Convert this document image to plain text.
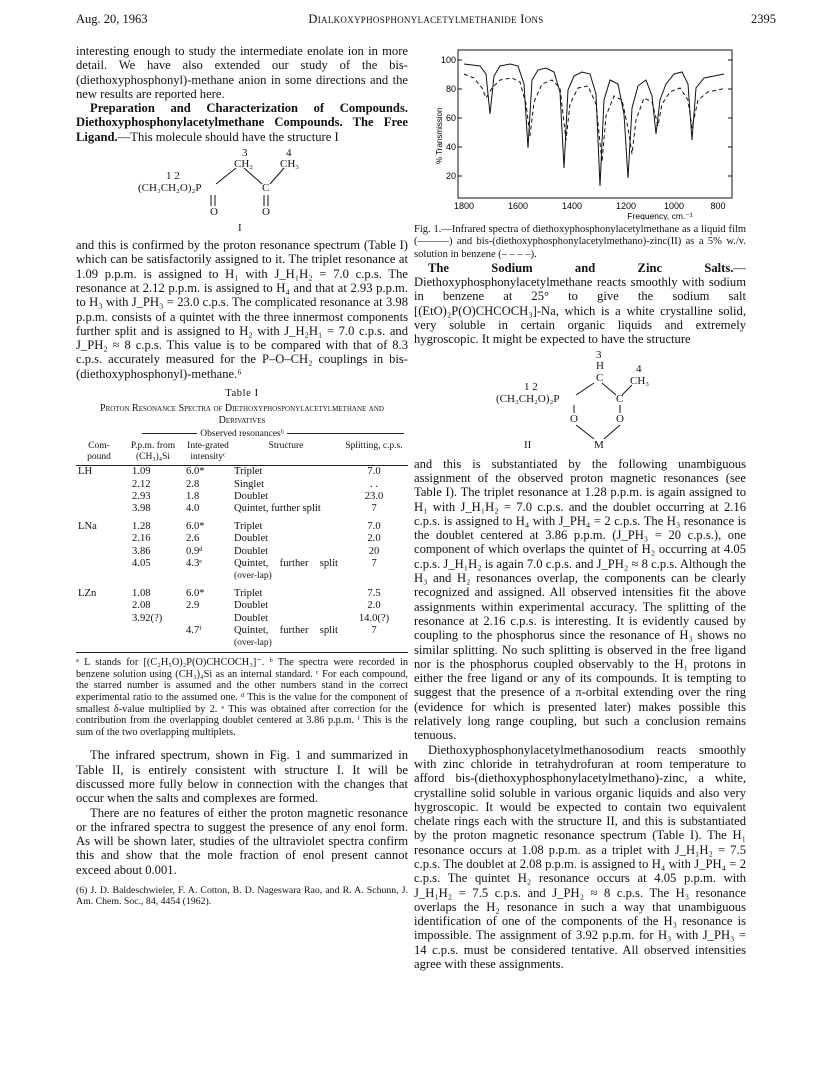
Aug. 20, 1963	Dialkoxyphosphonylacetylmethanide Ions	2395

interesting enough to study the intermediate enolate ion in more detail. We have also extended our study of the bis-(diethoxyphosphonyl)-methane anion in some directions and the new results are reported here.

Preparation and Characterization of Compounds. Diethoxyphosphonylacetylmethane Compounds. The Free Ligand.—This molecule should have the structure I

3	4
CH₂ CH₃
1 2
(CH₃CH₂O)₂P	C
O	O
I

and this is confirmed by the proton resonance spectrum (Table I) which can be satisfactorily assigned to it. The triplet resonance at 1.09 p.p.m. is assigned to H₁ with J_H₁H₂ = 7.0 c.p.s. The resonance at 2.12 p.p.m. is assigned to H₄ and that at 2.93 p.p.m. to H₃ with J_PH₃ = 23.0 c.p.s. The complicated resonance at 3.98 p.p.m. consists of a quintet with the three innermost components further split and is assigned to H₂ with J_H₂H₁ = 7.0 c.p.s. and J_PH₂ ≈ 8 c.p.s. This value is to be compared with that of 8.3 c.p.s. accurately measured for the P–O–CH₂ couplings in bis-(diethoxyphosphonyl)-methane.⁶

Table I
Proton Resonance Spectra of Diethoxyphosponylacetylmethane and Derivatives
Observed resonancesᵇ
Com-pound	P.p.m. from (CH₃)₄Si	Inte-grated intensityᶜ	Structure	Splitting, c.p.s.
LH	1.09	6.0*	Triplet	7.0
	2.12	2.8	Singlet	. .
	2.93	1.8	Doublet	23.0
	3.98	4.0	Quintet, further split	7

LNa	1.28	6.0*	Triplet	7.0
	2.16	2.6	Doublet	2.0
	3.86	0.9ᵈ	Doublet	20
	4.05	4.3ᵉ	Quintet, further split (over-lap)	7

LZn	1.08	6.0*	Triplet	7.5
	2.08	2.9	Doublet	2.0
	3.92(?)		Doublet	14.0(?)
		4.7ᶠ	Quintet, further split (over-lap)	7
ᵃ L stands for [(C₂H₅O)₂P(O)CHCOCH₃]⁻. ᵇ The spectra were recorded in benzene solution using (CH₃)₄Si as an internal standard. ᶜ For each compound, the starred number is assumed and the other numbers stand in the correct experimental ratio to the assumed one. ᵈ This is the value for the component of smallest δ-value multiplied by 2. ᵉ This was obtained after correction for the contribution from the overlapping doublet centered at 3.86 p.p.m. ᶠ This is the sum of the two overlapping multiplets.

The infrared spectrum, shown in Fig. 1 and summarized in Table II, is entirely consistent with structure I. It will be discussed more fully below in connection with the changes that occur when the salts and complexes are formed.

There are no features of either the proton magnetic resonance or the infrared spectra to suggest the presence of any enol form. As will be shown later, studies of the ultraviolet spectra confirm this and show that the mole fraction of enol present cannot exceed about 0.001.

(6) J. D. Baldeschwieler, F. A. Cotton, B. D. Nageswara Rao, and R. A. Schunn, J. Am. Chem. Soc., 84, 4454 (1962).
% Transmission
100
80
60
40
20
1800	1600	1400	1200	1000	800
Frequency, cm.⁻¹
Fig. 1.—Infrared spectra of diethoxyphosphonylacetylmethane as a liquid film (———) and bis-(diethoxyphosphonylacetylmethano)-zinc(II) as a 5% w./v. solution in benzene (– – – –).

The Sodium and Zinc Salts.—Diethoxyphosphonylacetylmethane reacts smoothly with sodium in benzene at 25° to give the sodium salt [(EtO)₂P(O)CHCOCH₃]-Na, which is a white crystalline solid, very soluble in certain organic liquids and extremely hygroscopic. It might be expected to have the structure

3
H	4
C CH₃
1 2
(CH₃CH₂O)₂P	C
O	O
II	M

and this is substantiated by the following unambiguous assignment of the observed proton magnetic resonances (see Table I). The triplet resonance at 1.28 p.p.m. is again assigned to H₁ with J_H₁H₂ = 7.0 c.p.s. and the doublet occurring at 2.16 c.p.s. is assigned to H₄ with J_PH₄ = 2 c.p.s. The H₃ resonance is the doublet centered at 3.86 p.p.m. (J_PH₃ = 20 c.p.s.), one component of which overlaps the quintet of H₂ occurring at 4.05 c.p.s. J_H₁H₂ is again 7.0 c.p.s. and J_PH₂ ≈ 8 c.p.s. Although the H₃ and H₂ resonances overlap, the components can be clearly recognized and assigned. All observed intensities fit the above assignments within experimental accuracy. The splitting of the resonance at 2.16 c.p.s. is interesting. It is evidently caused by coupling to the phosphorus since the resonance of H₃ shows no similar splitting. No such splitting is observed in the free ligand nor is the phosphorus coupled observably to the H₁ protons in either the free ligand or any of its compounds. It is tempting to suggest that the presence of a π-orbital extending over the ring (evidence for which is presented later) makes possible this relatively long range coupling, but such a conclusion remains tenuous.

Diethoxyphosphonylacetylmethanosodium reacts smoothly with zinc chloride in tetrahydrofuran at room temperature to afford bis-(diethoxyphosphonylacetylmethano)-zinc, a white, crystalline solid soluble in various organic liquids and also very hygroscopic. It would be expected to contain two equivalent chelate rings each with the structure II, and this is substantiated by the proton magnetic resonance spectrum (Table I). The H₁ resonance occurs at 1.08 p.p.m. as a triplet with J_H₁H₂ = 7.5 c.p.s. The doublet at 2.08 p.p.m. is assigned to H₄ with J_PH₄ = 2 c.p.s. The quintet H₂ resonance occurs at 4.05 p.p.m. with J_H₁H₂ = 7.5 c.p.s. and J_PH₂ ≈ 8 c.p.s. The H₃ resonance overlaps the H₂ resonance in such a way that unambiguous identification of one of the components of the H₃ resonance is impossible. The assignment of 3.92 p.p.m. for H₃ with J_PH₃ = 14 c.p.s. must be considered tentative. All observed intensities agree with these assignments.
